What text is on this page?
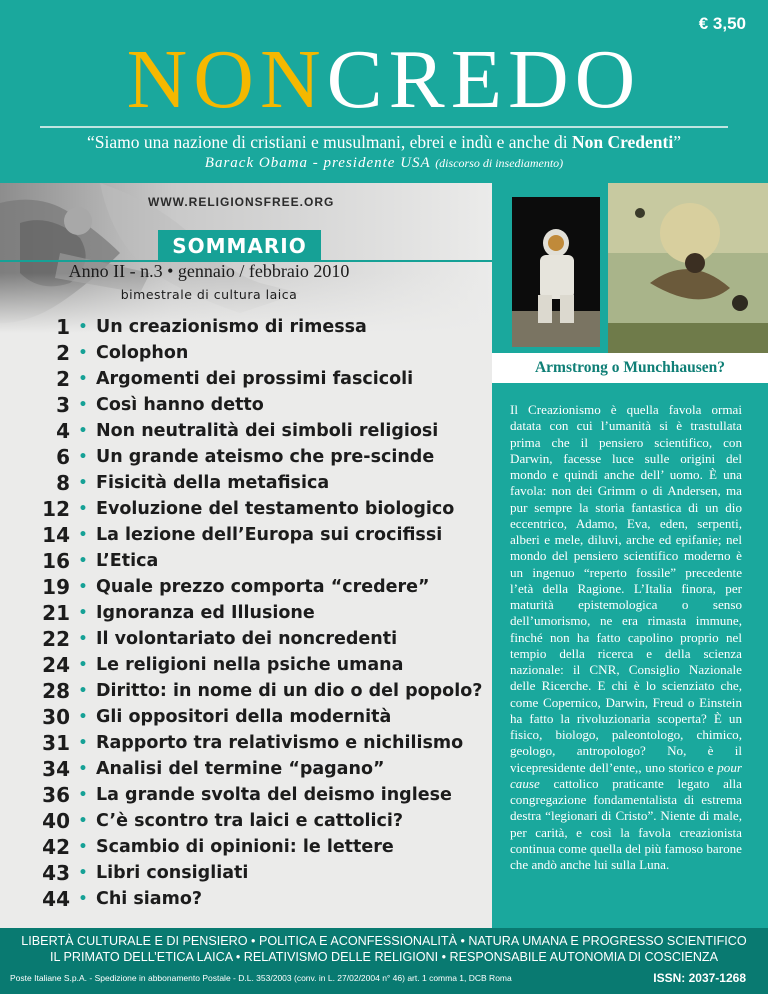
€ 3,50
NONCREDO
“Siamo una nazione di cristiani e musulmani, ebrei e indù e anche di Non Credenti”
Barack Obama - presidente USA (discorso di insediamento)
WWW.RELIGIONSFREE.ORG
SOMMARIO
Anno II - n.3 • gennaio / febbraio 2010
bimestrale di cultura laica
1 • Un creazionismo di rimessa
2 • Colophon
2 • Argomenti dei prossimi fascicoli
3 • Così hanno detto
4 • Non neutralità dei simboli religiosi
6 • Un grande ateismo che pre-scinde
8 • Fisicità della metafisica
12 • Evoluzione del testamento biologico
14 • La lezione dell’Europa sui crocifissi
16 • L’Etica
19 • Quale prezzo comporta “credere”
21 • Ignoranza ed Illusione
22 • Il volontariato dei noncredenti
24 • Le religioni nella psiche umana
28 • Diritto: in nome di un dio o del popolo?
30 • Gli oppositori della modernità
31 • Rapporto tra relativismo e nichilismo
34 • Analisi del termine “pagano”
36 • La grande svolta del deismo inglese
40 • C’è scontro tra laici e cattolici?
42 • Scambio di opinioni: le lettere
43 • Libri consigliati
44 • Chi siamo?
Armstrong o Munchhausen?
Il Creazionismo è quella favola ormai datata con cui l’umanità si è trastullata prima che il pensiero scientifico, con Darwin, facesse luce sulle origini del mondo e quindi anche dell’ uomo. È una favola: non dei Grimm o di Andersen, ma pur sempre la storia fantastica di un dio eccentrico, Adamo, Eva, eden, serpenti, alberi e mele, diluvi, arche ed epifanie; nel mondo del pensiero scientifico moderno è un ingenuo “reperto fossile” precedente l’età della Ragione. L’Italia finora, per maturità epistemologica o senso dell’umorismo, ne era rimasta immune, finché non ha fatto capolino proprio nel tempio della ricerca e della scienza nazionale: il CNR, Consiglio Nazionale delle Ricerche. E chi è lo scienziato che, come Copernico, Darwin, Freud o Einstein ha fatto la rivoluzionaria scoperta? È un fisico, biologo, paleontologo, chimico, geologo, antropologo? No, è il vicepresidente dell’ente,, uno storico e pour cause cattolico praticante legato alla congregazione fondamentalista di estrema destra “legionari di Cristo”. Niente di male, per carità, e così la favola creazionista continua come quella del più famoso barone che andò anche lui sulla Luna.
LIBERTÀ CULTURALE E DI PENSIERO • POLITICA E ACONFESSIONALITÀ • NATURA UMANA E PROGRESSO SCIENTIFICO
IL PRIMATO DELL’ETICA LAICA • RELATIVISMO DELLE RELIGIONI • RESPONSABILE AUTONOMIA DI COSCIENZA
Poste Italiane S.p.A. - Spedizione in abbonamento Postale - D.L. 353/2003 (conv. in L. 27/02/2004 n° 46) art. 1 comma 1, DCB Roma	ISSN: 2037-1268
